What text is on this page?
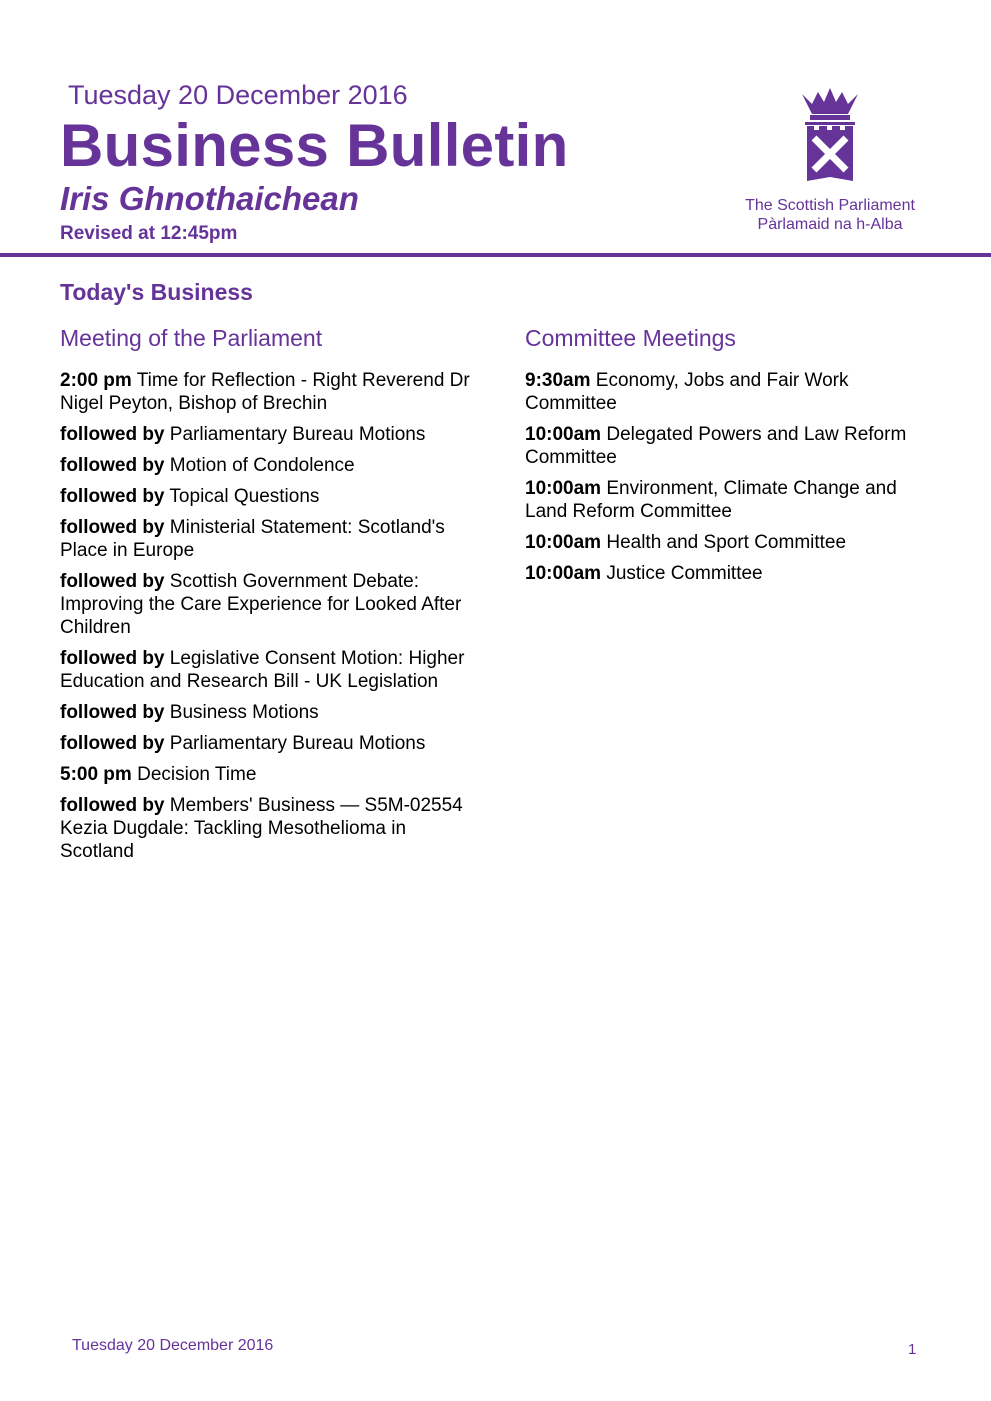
Tuesday 20 December 2016
Business Bulletin
Iris Ghnothaichean
Revised at 12:45pm
The Scottish Parliament
Pàrlamaid na h-Alba
Today's Business
Meeting of the Parliament
2:00 pm Time for Reflection - Right Reverend Dr Nigel Peyton, Bishop of Brechin
followed by Parliamentary Bureau Motions
followed by Motion of Condolence
followed by Topical Questions
followed by Ministerial Statement: Scotland's Place in Europe
followed by Scottish Government Debate: Improving the Care Experience for Looked After Children
followed by Legislative Consent Motion: Higher Education and Research Bill - UK Legislation
followed by Business Motions
followed by Parliamentary Bureau Motions
5:00 pm Decision Time
followed by Members' Business — S5M-02554 Kezia Dugdale: Tackling Mesothelioma in Scotland
Committee Meetings
9:30am Economy, Jobs and Fair Work Committee
10:00am Delegated Powers and Law Reform Committee
10:00am Environment, Climate Change and Land Reform Committee
10:00am Health and Sport Committee
10:00am Justice Committee
Tuesday 20 December 2016	1
